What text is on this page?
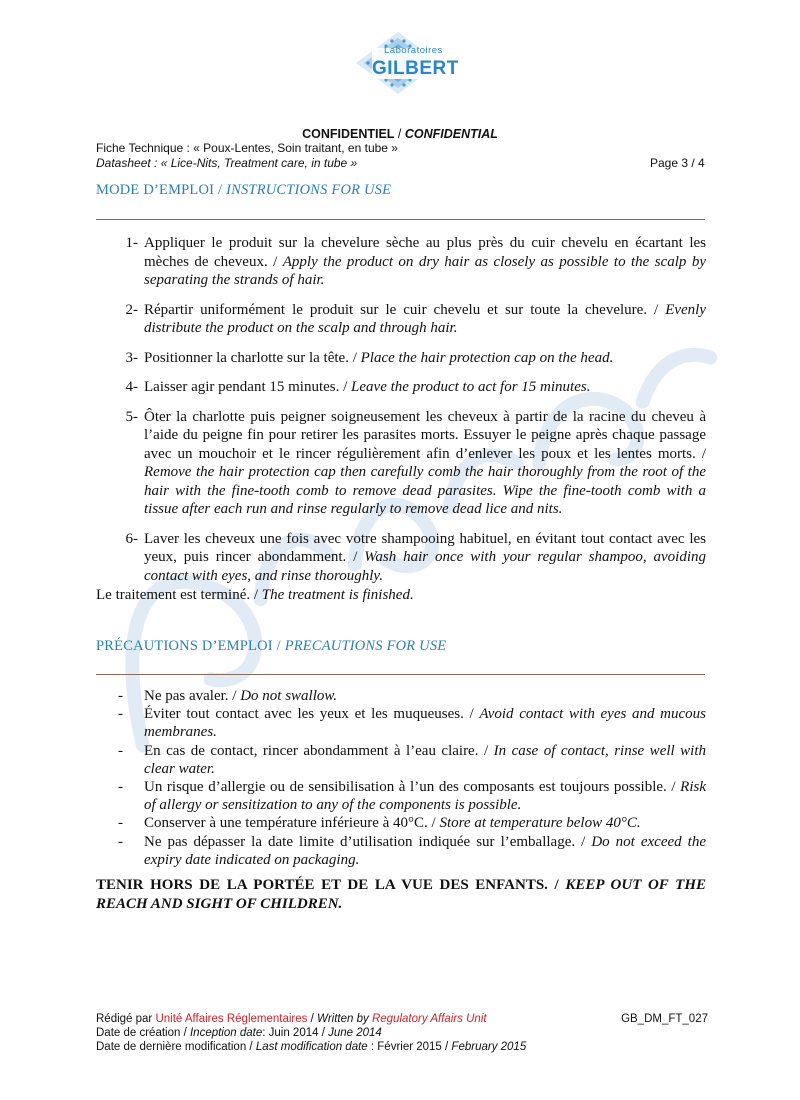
Laboratoires
GILBERT
CONFIDENTIEL / CONFIDENTIAL
Fiche Technique : « Poux-Lentes, Soin traitant, en tube »
Datasheet : « Lice-Nits, Treatment care, in tube »	Page 3 / 4
MODE D’EMPLOI / INSTRUCTIONS FOR USE
1- Appliquer le produit sur la chevelure sèche au plus près du cuir chevelu en écartant les mèches de cheveux. / Apply the product on dry hair as closely as possible to the scalp by separating the strands of hair.
2- Répartir uniformément le produit sur le cuir chevelu et sur toute la chevelure. / Evenly distribute the product on the scalp and through hair.
3- Positionner la charlotte sur la tête. / Place the hair protection cap on the head.
4- Laisser agir pendant 15 minutes. / Leave the product to act for 15 minutes.
5- Ôter la charlotte puis peigner soigneusement les cheveux à partir de la racine du cheveu à l’aide du peigne fin pour retirer les parasites morts. Essuyer le peigne après chaque passage avec un mouchoir et le rincer régulièrement afin d’enlever les poux et les lentes morts. / Remove the hair protection cap then carefully comb the hair thoroughly from the root of the hair with the fine-tooth comb to remove dead parasites. Wipe the fine-tooth comb with a tissue after each run and rinse regularly to remove dead lice and nits.
6- Laver les cheveux une fois avec votre shampooing habituel, en évitant tout contact avec les yeux, puis rincer abondamment. / Wash hair once with your regular shampoo, avoiding contact with eyes, and rinse thoroughly.
Le traitement est terminé. / The treatment is finished.
PRÉCAUTIONS D’EMPLOI / PRECAUTIONS FOR USE
-	Ne pas avaler. / Do not swallow.
-	Éviter tout contact avec les yeux et les muqueuses. / Avoid contact with eyes and mucous membranes.
-	En cas de contact, rincer abondamment à l’eau claire. / In case of contact, rinse well with clear water.
-	Un risque d’allergie ou de sensibilisation à l’un des composants est toujours possible. / Risk of allergy or sensitization to any of the components is possible.
-	Conserver à une température inférieure à 40°C. / Store at temperature below 40°C.
-	Ne pas dépasser la date limite d’utilisation indiquée sur l’emballage. / Do not exceed the expiry date indicated on packaging.
TENIR HORS DE LA PORTÉE ET DE LA VUE DES ENFANTS. / KEEP OUT OF THE REACH AND SIGHT OF CHILDREN.
Rédigé par Unité Affaires Réglementaires / Written by Regulatory Affairs Unit
Date de création / Inception date: Juin 2014 / June 2014
Date de dernière modification / Last modification date : Février 2015 / February 2015
GB_DM_FT_027
